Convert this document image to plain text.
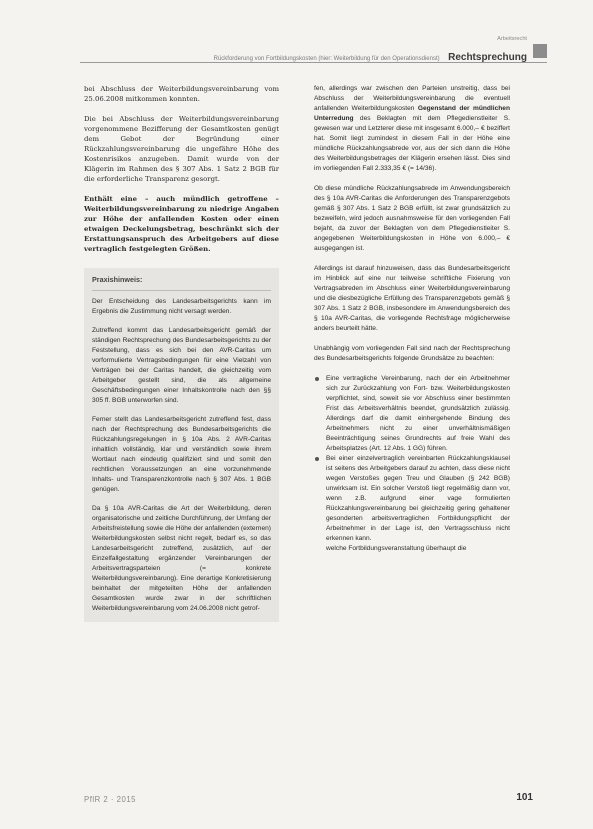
Arbeitsrecht
Rückforderung von Fortbildungskosten (hier: Weiterbildung für den Operationsdienst) Rechtsprechung

bei Abschluss der Weiterbildungsvereinbarung vom 25.06.2008 mitkommen konnten.

Die bei Abschluss der Weiterbildungsvereinbarung vorgenommene Bezifferung der Gesamtkosten genügt dem Gebot der Begründung einer Rückzahlungsvereinbarung die ungefähre Höhe des Kostenrisikos anzugeben. Damit wurde von der Klägerin im Rahmen des § 307 Abs. 1 Satz 2 BGB für die erforderliche Transparenz gesorgt.

Enthält eine – auch mündlich getroffene – Weiterbildungsvereinbarung zu niedrige Angaben zur Höhe der anfallenden Kosten oder einen etwaigen Deckelungsbetrag, beschränkt sich der Erstattungsanspruch des Arbeitgebers auf diese vertraglich festgelegten Größen.

Praxishinweis:

Der Entscheidung des Landesarbeitsgerichts kann im Ergebnis die Zustimmung nicht versagt werden.

Zutreffend kommt das Landesarbeitsgericht gemäß der ständigen Rechtsprechung des Bundesarbeitsgerichts zu der Feststellung, dass es sich bei den AVR-Caritas um vorformulierte Vertragsbedingungen für eine Vielzahl von Verträgen bei der Caritas handelt, die gleichzeitig vom Arbeitgeber gestellt sind, die als allgemeine Geschäftsbedingungen einer Inhaltskontrolle nach den §§ 305 ff. BGB unterworfen sind.

Ferner stellt das Landesarbeitsgericht zutreffend fest, dass nach der Rechtsprechung des Bundesarbeitsgerichts die Rückzahlungsregelungen in § 10a Abs. 2 AVR-Caritas inhaltlich vollständig, klar und verständlich sowie ihrem Wortlaut nach eindeutig qualifiziert sind und somit den rechtlichen Voraussetzungen an eine vorzunehmende Inhalts- und Transparenzkontrolle nach § 307 Abs. 1 BGB genügen.

Da § 10a AVR-Caritas die Art der Weiterbildung, deren organisatorische und zeitliche Durchführung, der Umfang der Arbeitsfreistellung sowie die Höhe der anfallenden (externen) Weiterbildungskosten selbst nicht regelt, bedarf es, so das Landesarbeitsgericht zutreffend, zusätzlich, auf der Einzelfallgestaltung ergänzender Vereinbarungen der Arbeitsvertragsparteien (= konkrete Weiterbildungsvereinbarung). Eine derartige Konkretisierung beinhaltet der mitgeteilten Höhe der anfallenden Gesamtkosten wurde zwar in der schriftlichen Weiterbildungsvereinbarung vom 24.06.2008 nicht getrof-

fen, allerdings war zwischen den Parteien unstreitig, dass bei Abschluss der Weiterbildungsvereinbarung die eventuell anfallenden Weiterbildungskosten Gegenstand der mündlichen Unterredung des Beklagten mit dem Pflegedienstleiter S. gewesen war und Letzterer diese mit insgesamt 6.000,– € beziffert hat. Somit liegt zumindest in diesem Fall in der Höhe eine mündliche Rückzahlungsabrede vor, aus der sich dann die Höhe des Weiterbildungsbetrages der Klägerin ersehen lässt. Dies sind im vorliegenden Fall 2.333,35 € (= 14/36).

Ob diese mündliche Rückzahlungsabrede im Anwendungsbereich des § 10a AVR-Caritas die Anforderungen des Transparenzgebots gemäß § 307 Abs. 1 Satz 2 BGB erfüllt, ist zwar grundsätzlich zu bezweifeln, wird jedoch ausnahmsweise für den vorliegenden Fall bejaht, da zuvor der Beklagten von dem Pflegedienstleiter S. angegebenen Weiterbildungskosten in Höhe von 6.000,– € ausgegangen ist.

Allerdings ist darauf hinzuweisen, dass das Bundesarbeitsgericht im Hinblick auf eine nur teilweise schriftliche Fixierung von Vertragsabreden im Abschluss einer Weiterbildungsvereinbarung und die diesbezügliche Erfüllung des Transparenzgebots gemäß § 307 Abs. 1 Satz 2 BGB, insbesondere im Anwendungsbereich des § 10a AVR-Caritas, die vorliegende Rechtsfrage möglicherweise anders beurteilt hätte.

Unabhängig vom vorliegenden Fall sind nach der Rechtsprechung des Bundesarbeitsgerichts folgende Grundsätze zu beachten:

Eine vertragliche Vereinbarung, nach der ein Arbeitnehmer sich zur Zurückzahlung von Fort- bzw. Weiterbildungskosten verpflichtet, sind, soweit sie vor Abschluss einer bestimmten Frist das Arbeitsverhältnis beendet, grundsätzlich zulässig. Allerdings darf die damit einhergehende Bindung des Arbeitnehmers nicht zu einer unverhältnismäßigen Beeinträchtigung seines Grundrechts auf freie Wahl des Arbeitsplatzes (Art. 12 Abs. 1 GG) führen.
Bei einer einzelvertraglich vereinbarten Rückzahlungsklausel ist seitens des Arbeitgebers darauf zu achten, dass diese nicht wegen Verstoßes gegen Treu und Glauben (§ 242 BGB) unwirksam ist. Ein solcher Verstoß liegt regelmäßig dann vor, wenn z.B. aufgrund einer vage formulierten Rückzahlungsvereinbarung bei gleichzeitig gering gehaltener gesonderten arbeitsvertraglichen Fortbildungspflicht der Arbeitnehmer in der Lage ist, den Vertragsschluss nicht erkennen kann.

welche Fortbildungsveranstaltung überhaupt die

PflR 2 · 2015	101
